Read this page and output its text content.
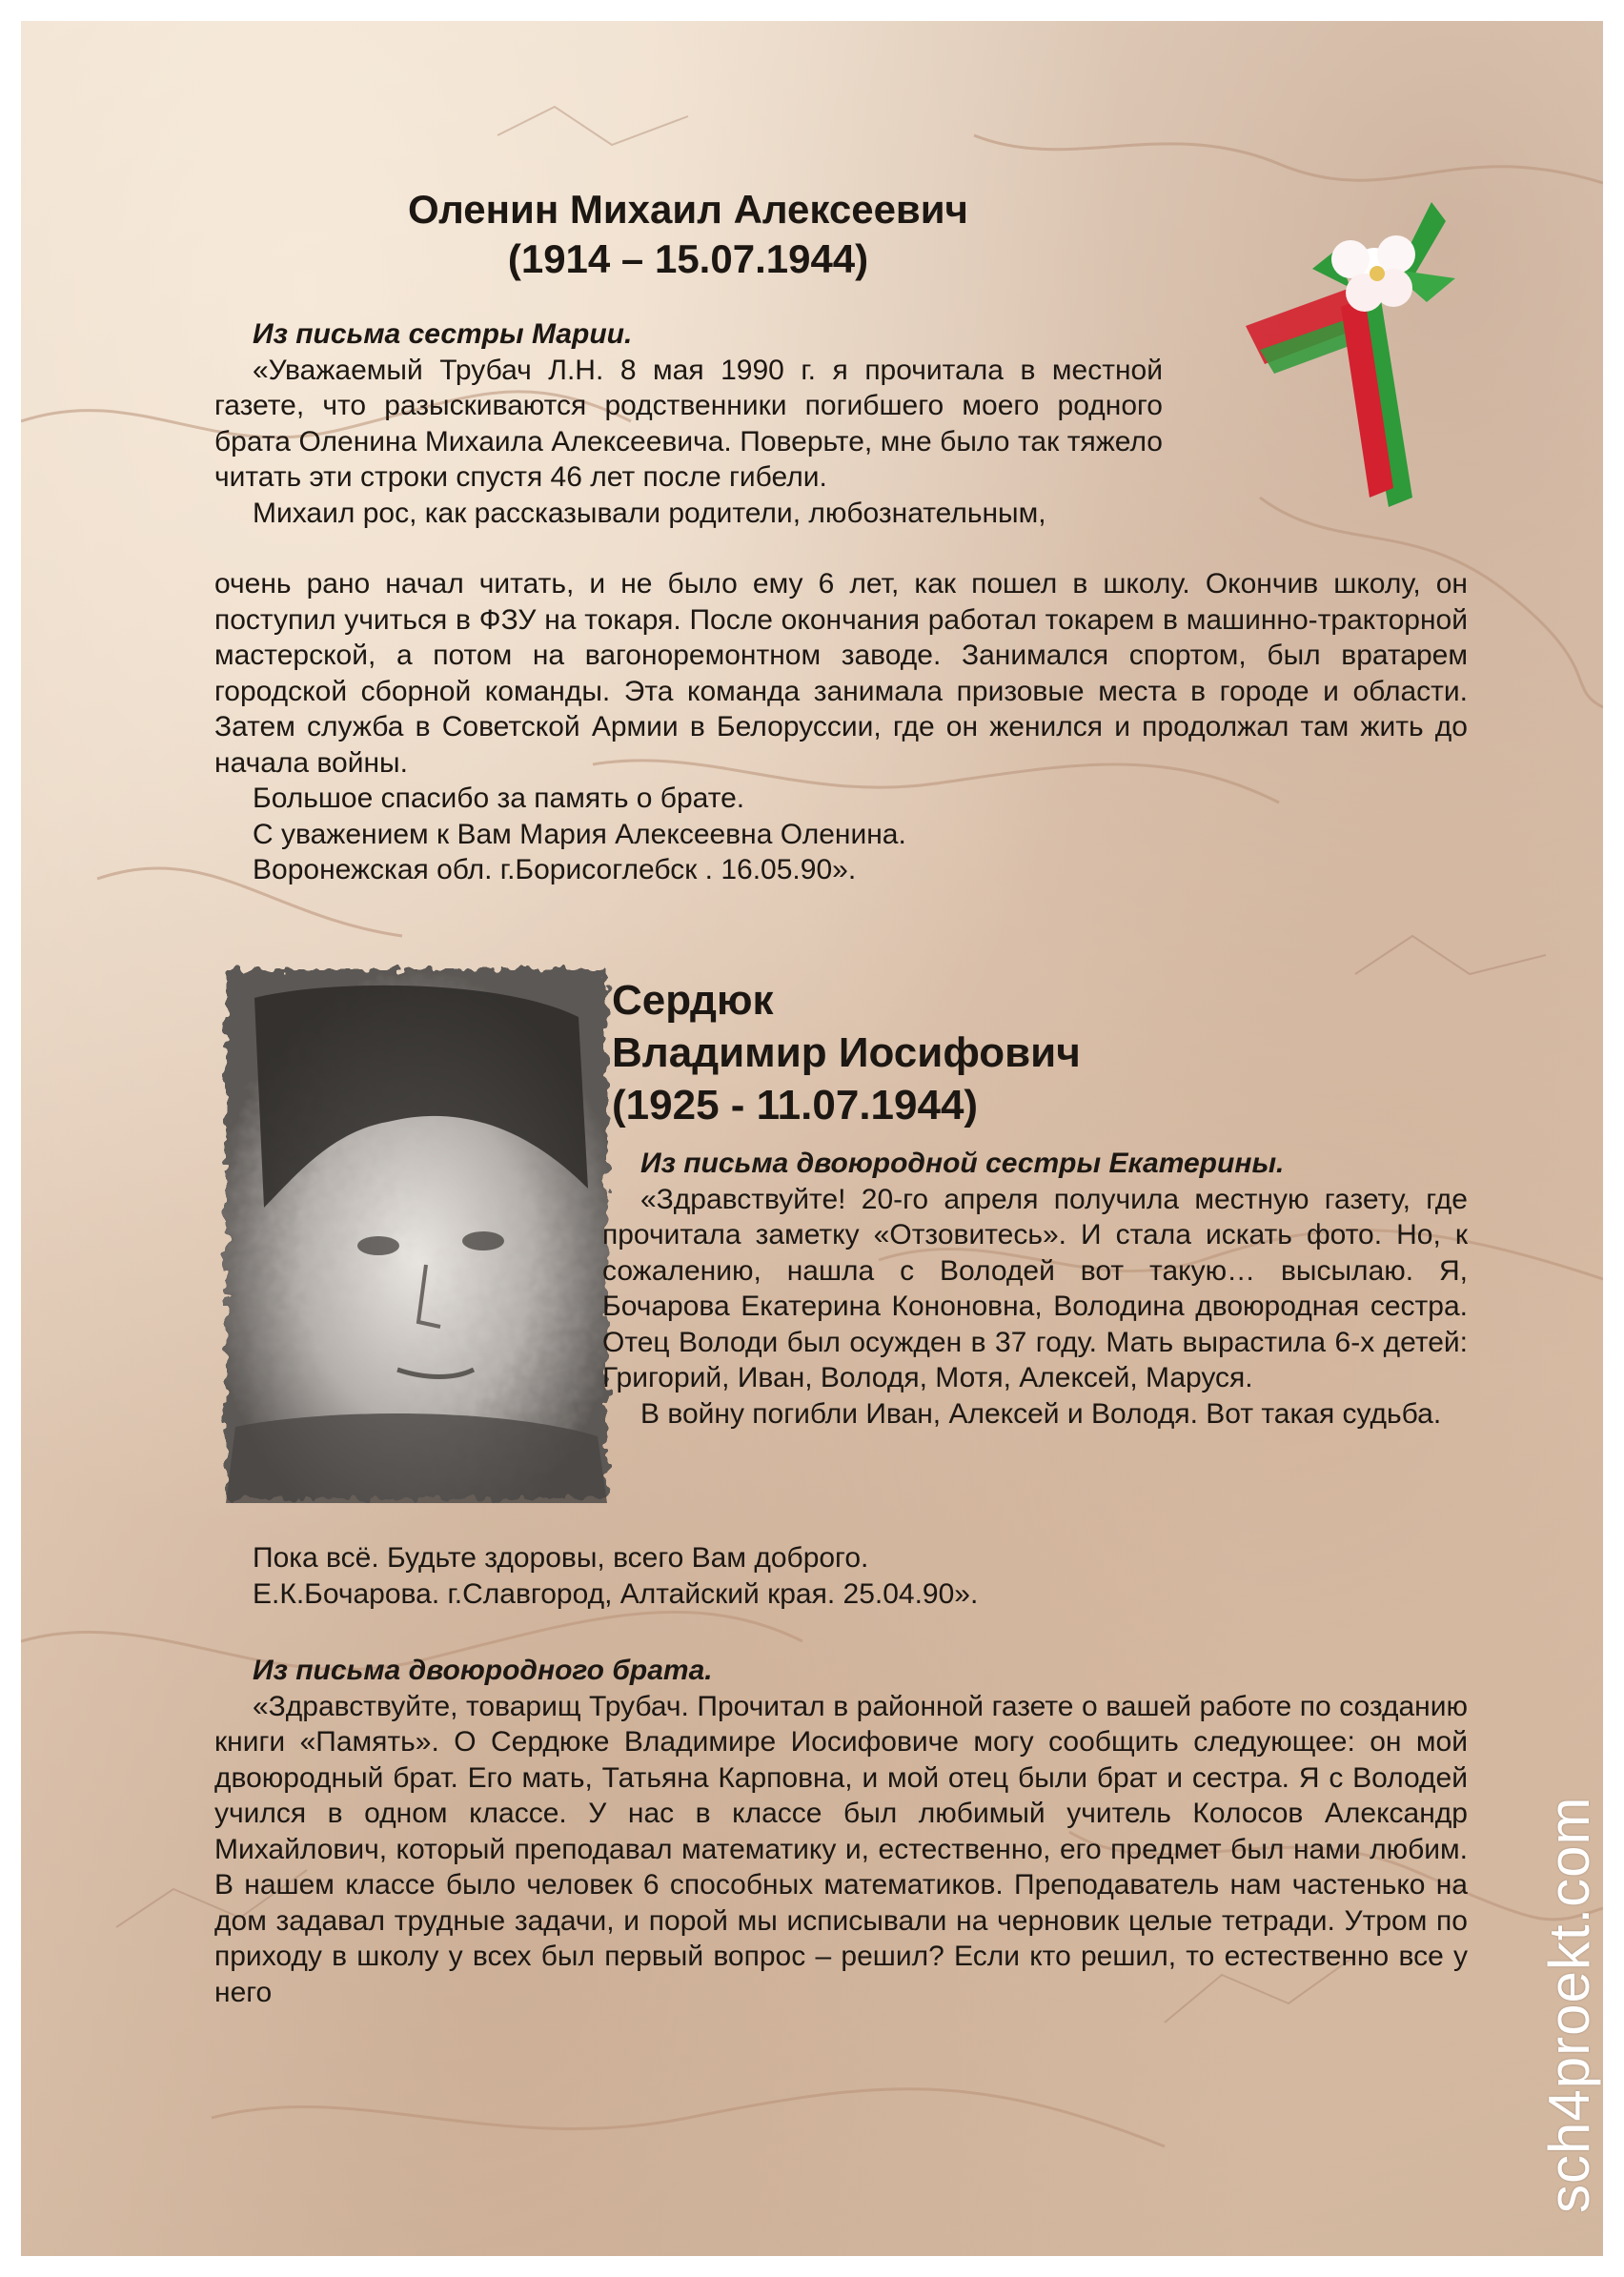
Оленин Михаил Алексеевич
(1914 – 15.07.1944)

Из письма сестры Марии.

«Уважаемый Трубач Л.Н. 8 мая 1990 г. я прочитала в местной газете, что разыскиваются родственники погибшего моего родного брата Оленина Михаила Алексеевича. Поверьте, мне было так тяжело читать эти строки спустя 46 лет после гибели.

Михаил рос, как рассказывали родители, любознательным,

очень рано начал читать, и не было ему 6 лет, как пошел в школу. Окончив школу, он поступил учиться в ФЗУ на токаря. После окончания работал токарем в машинно-тракторной мастерской, а потом на вагоноремонтном заводе. Занимался спортом, был вратарем городской сборной команды. Эта команда занимала призовые места в городе и области. Затем служба в Советской Армии в Белоруссии, где он женился и продолжал там жить до начала войны.

Большое спасибо за память о брате.

С уважением к Вам Мария Алексеевна Оленина.

Воронежская обл. г.Борисоглебск . 16.05.90».

Сердюк
Владимир Иосифович
(1925 - 11.07.1944)

Из письма двоюродной сестры Екатерины.

«Здравствуйте! 20-го апреля получила местную газету, где прочитала заметку «Отзовитесь». И стала искать фото. Но, к сожалению, нашла с Володей вот такую… высылаю. Я, Бочарова Екатерина Кононовна, Володина двоюродная сестра. Отец Володи был осужден в 37 году. Мать вырастила 6-х детей: Григорий, Иван, Володя, Мотя, Алексей, Маруся.

В войну погибли Иван, Алексей и Володя. Вот такая судьба.

Пока всё. Будьте здоровы, всего Вам доброго.

Е.К.Бочарова. г.Славгород, Алтайский края. 25.04.90».

Из письма двоюродного брата.

«Здравствуйте, товарищ Трубач. Прочитал в районной газете о вашей работе по созданию книги «Память». О Сердюке Владимире Иосифовиче могу сообщить следующее: он мой двоюродный брат. Его мать, Татьяна Карповна, и мой отец были брат и сестра. Я с Володей учился в одном классе. У нас в классе был любимый учитель Колосов Александр Михайлович, который преподавал математику и, естественно, его предмет был нами любим. В нашем классе было человек 6 способных математиков. Преподаватель нам частенько на дом задавал трудные задачи, и порой мы исписывали на черновик целые тетради. Утром по приходу в школу у всех был первый вопрос – решил? Если кто решил, то естественно все у него	sch4proekt.com
